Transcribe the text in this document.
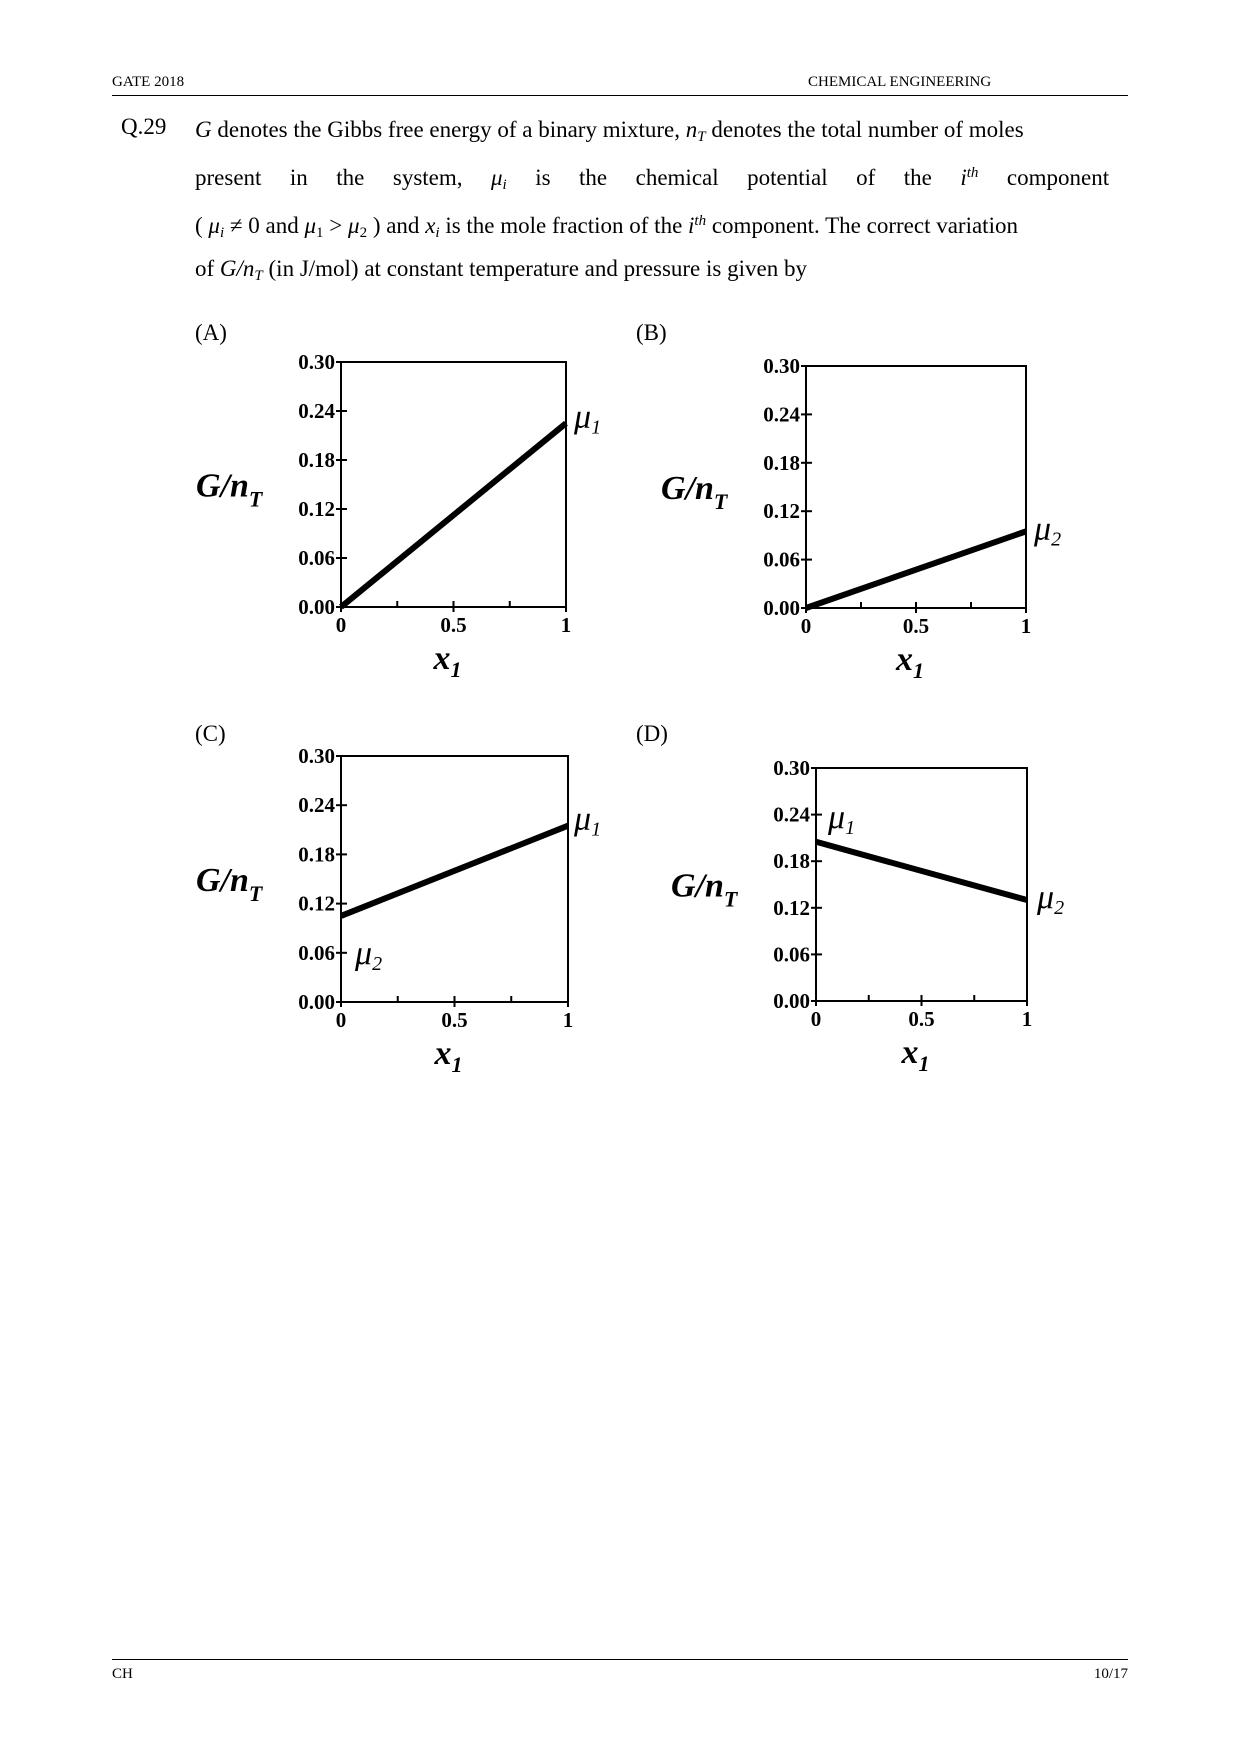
GATE 2018	CHEMICAL ENGINEERING
Q.29 G denotes the Gibbs free energy of a binary mixture, $n_T$ denotes the total number of moles
present in the system, $\mu_i$ is the chemical potential of the $i^{th}$ component
( $\mu_i \ne 0$ and $\mu_1 > \mu_2$ ) and $x_i$ is the mole fraction of the $i^{th}$ component. The correct variation
of $G/n_T$ (in J/mol) at constant temperature and pressure is given by
(A)	(B)
(C)	(D)
0.00
0.06
0.12
0.18
0.24
0.30
0	0.5	1
$G/n_T$
$x_1$
μ1
0.00
0.06
0.12
0.18
0.24
0.30
0	0.5	1
$G/n_T$
$x_1$
μ2
0.00
0.06
0.12
0.18
0.24
0.30
0	0.5	1
$G/n_T$
$x_1$
μ2
μ1
0.00
0.06
0.12
0.18
0.24
0.30
0	0.5	1
$G/n_T$
$x_1$
μ1
μ2
CH	10/17
